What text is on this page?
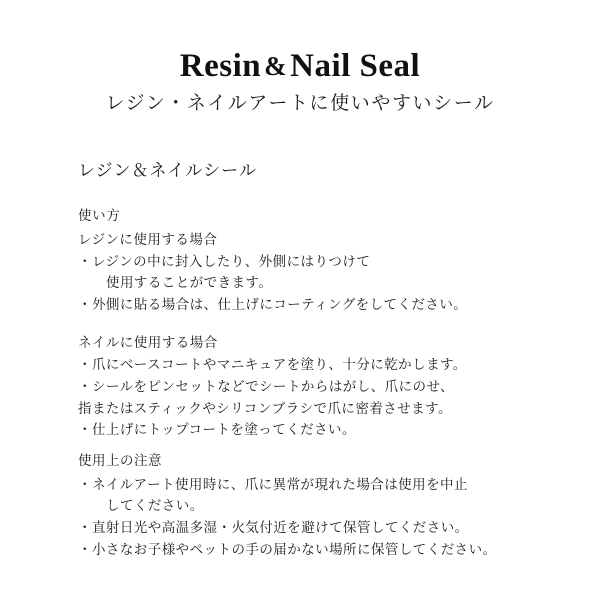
Resin &Nail Seal
レジン・ネイルアートに使いやすいシール
レジン＆ネイルシール
使い方
レジンに使用する場合
・レジンの中に封入したり、外側にはりつけて
使用することができます。
・外側に貼る場合は、仕上げにコーティングをしてください。
ネイルに使用する場合
・爪にベースコートやマニキュアを塗り、十分に乾かします。
・シールをピンセットなどでシートからはがし、爪にのせ、
指またはスティックやシリコンブラシで爪に密着させます。
・仕上げにトップコートを塗ってください。
使用上の注意
・ネイルアート使用時に、爪に異常が現れた場合は使用を中止
してください。
・直射日光や高温多湿・火気付近を避けて保管してください。
・小さなお子様やペットの手の届かない場所に保管してください。
